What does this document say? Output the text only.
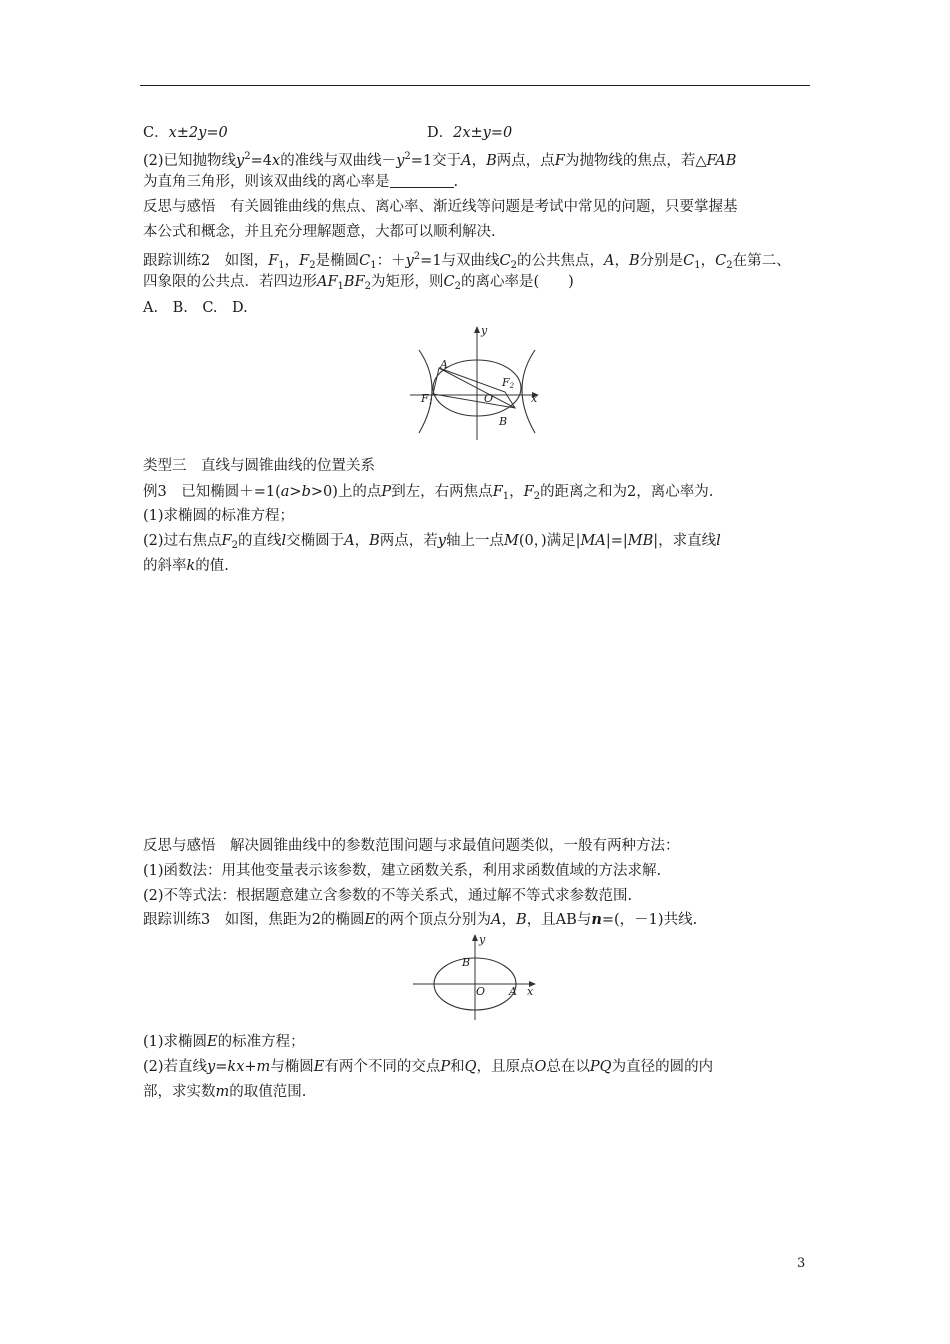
C．x±2y=0	D．2x±y=0
(2)已知抛物线$y^2=4x$的准线与双曲线$-y^2=1$交于A，B两点，点F为抛物线的焦点，若△FAB
为直角三角形，则该双曲线的离心率是	.
反思与感悟　有关圆锥曲线的焦点、离心率、渐近线等问题是考试中常见的问题，只要掌握基
本公式和概念，并且充分理解题意，大都可以顺利解决.
跟踪训练2　如图，$F_1$，$F_2$是椭圆$C_1$：$+y^2=1$与双曲线$C_2$的公共焦点，A，B分别是$C_1$，$C_2$在第二、
四象限的公共点．若四边形$AF_1BF_2$为矩形，则$C_2$的离心率是(　　)
A.　B.　C.　D.
y
A
F2
F1	O	x
B
类型三　直线与圆锥曲线的位置关系
例3　已知椭圆＋=1(a>b>0)上的点P到左，右两焦点$F_1$，$F_2$的距离之和为2，离心率为.
(1)求椭圆的标准方程；
(2)过右焦点$F_2$的直线l交椭圆于A，B两点，若y轴上一点M(0，)满足|MA|=|MB|，求直线l
的斜率k的值.
反思与感悟　解决圆锥曲线中的参数范围问题与求最值问题类似，一般有两种方法：
(1)函数法：用其他变量表示该参数，建立函数关系，利用求函数值域的方法求解.
(2)不等式法：根据题意建立含参数的不等关系式，通过解不等式求参数范围.
跟踪训练3　如图，焦距为2的椭圆E的两个顶点分别为A，B，且AB与n=(，－1)共线.
y
B
O A x
(1)求椭圆E的标准方程；
(2)若直线y=kx+m与椭圆E有两个不同的交点P和Q，且原点O总在以PQ为直径的圆的内
部，求实数m的取值范围.
3
